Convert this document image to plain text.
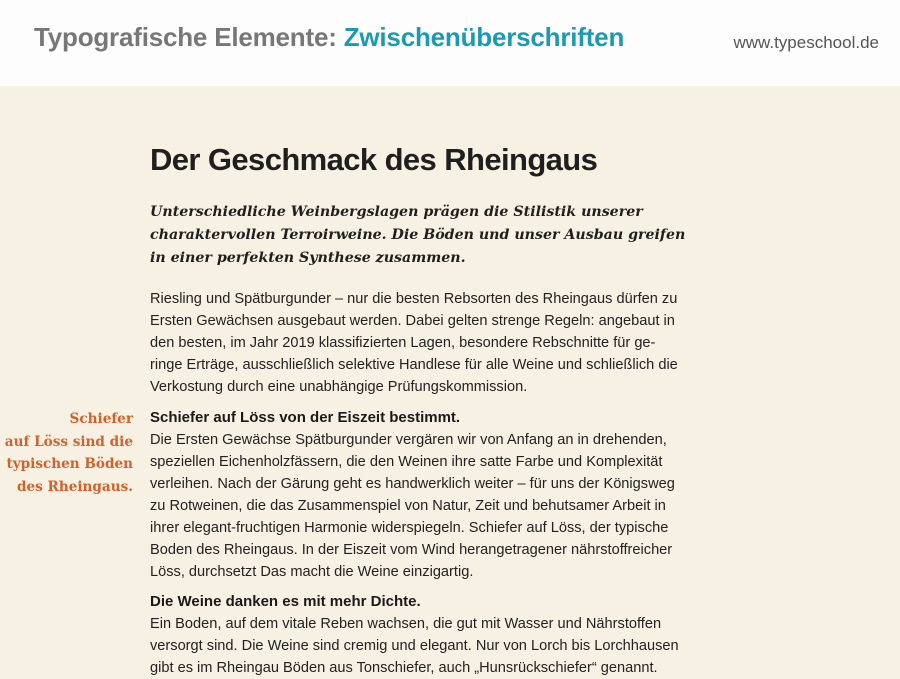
Typografische Elemente: Zwischenüberschriften	www.typeschool.de
Der Geschmack des Rheingaus

Unterschiedliche Weinbergslagen prägen die Stilistik unserer
charaktervollen Terroirweine. Die Böden und unser Ausbau greifen
in einer perfekten Synthese zusammen.

Riesling und Spätburgunder – nur die besten Rebsorten des Rheingaus dürfen zu
Ersten Gewächsen ausgebaut werden. Dabei gelten strenge Regeln: angebaut in
den besten, im Jahr 2019 klassifizierten Lagen, besondere Rebschnitte für ge-
ringe Erträge, ausschließlich selektive Handlese für alle Weine und schließlich die
Verkostung durch eine unabhängige Prüfungskommission.
Schiefer
auf Löss sind die
typischen Böden
des Rheingaus.
Schiefer auf Löss von der Eiszeit bestimmt.
Die Ersten Gewächse Spätburgunder vergären wir von Anfang an in drehenden,
speziellen Eichenholzfässern, die den Weinen ihre satte Farbe und Komplexität
verleihen. Nach der Gärung geht es handwerklich weiter – für uns der Königsweg
zu Rotweinen, die das Zusammenspiel von Natur, Zeit und behutsamer Arbeit in
ihrer elegant-fruchtigen Harmonie widerspiegeln. Schiefer auf Löss, der typische
Boden des Rheingaus. In der Eiszeit vom Wind herangetragener nährstoffreicher
Löss, durchsetzt Das macht die Weine einzigartig.
Die Weine danken es mit mehr Dichte.
Ein Boden, auf dem vitale Reben wachsen, die gut mit Wasser und Nährstoffen
versorgt sind. Die Weine sind cremig und elegant. Nur von Lorch bis Lorchhausen
gibt es im Rheingau Böden aus Tonschiefer, auch „Hunsrückschiefer“ genannt.
